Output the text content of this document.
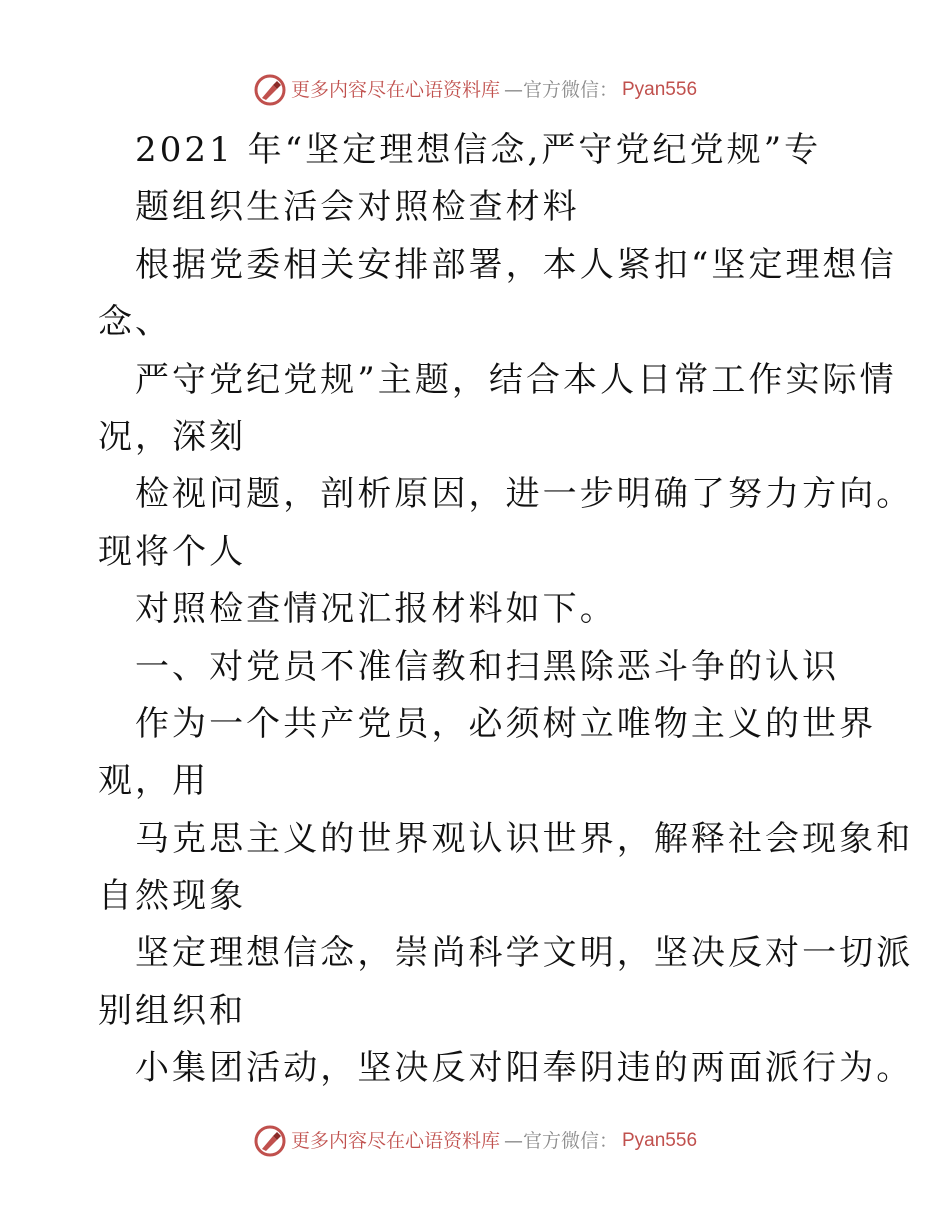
更多内容尽在心语资料库 —官方微信： Pyan556
2021 年“坚定理想信念,严守党纪党规”专
题组织生活会对照检查材料
根据党委相关安排部署，本人紧扣“坚定理想信
念、
严守党纪党规”主题，结合本人日常工作实际情
况，深刻
检视问题，剖析原因，进一步明确了努力方向。
现将个人
对照检查情况汇报材料如下。
一、对党员不准信教和扫黑除恶斗争的认识
作为一个共产党员，必须树立唯物主义的世界
观，用
马克思主义的世界观认识世界，解释社会现象和
自然现象
坚定理想信念，崇尚科学文明，坚决反对一切派
别组织和
小集团活动，坚决反对阳奉阴违的两面派行为。
更多内容尽在心语资料库 —官方微信： Pyan556
